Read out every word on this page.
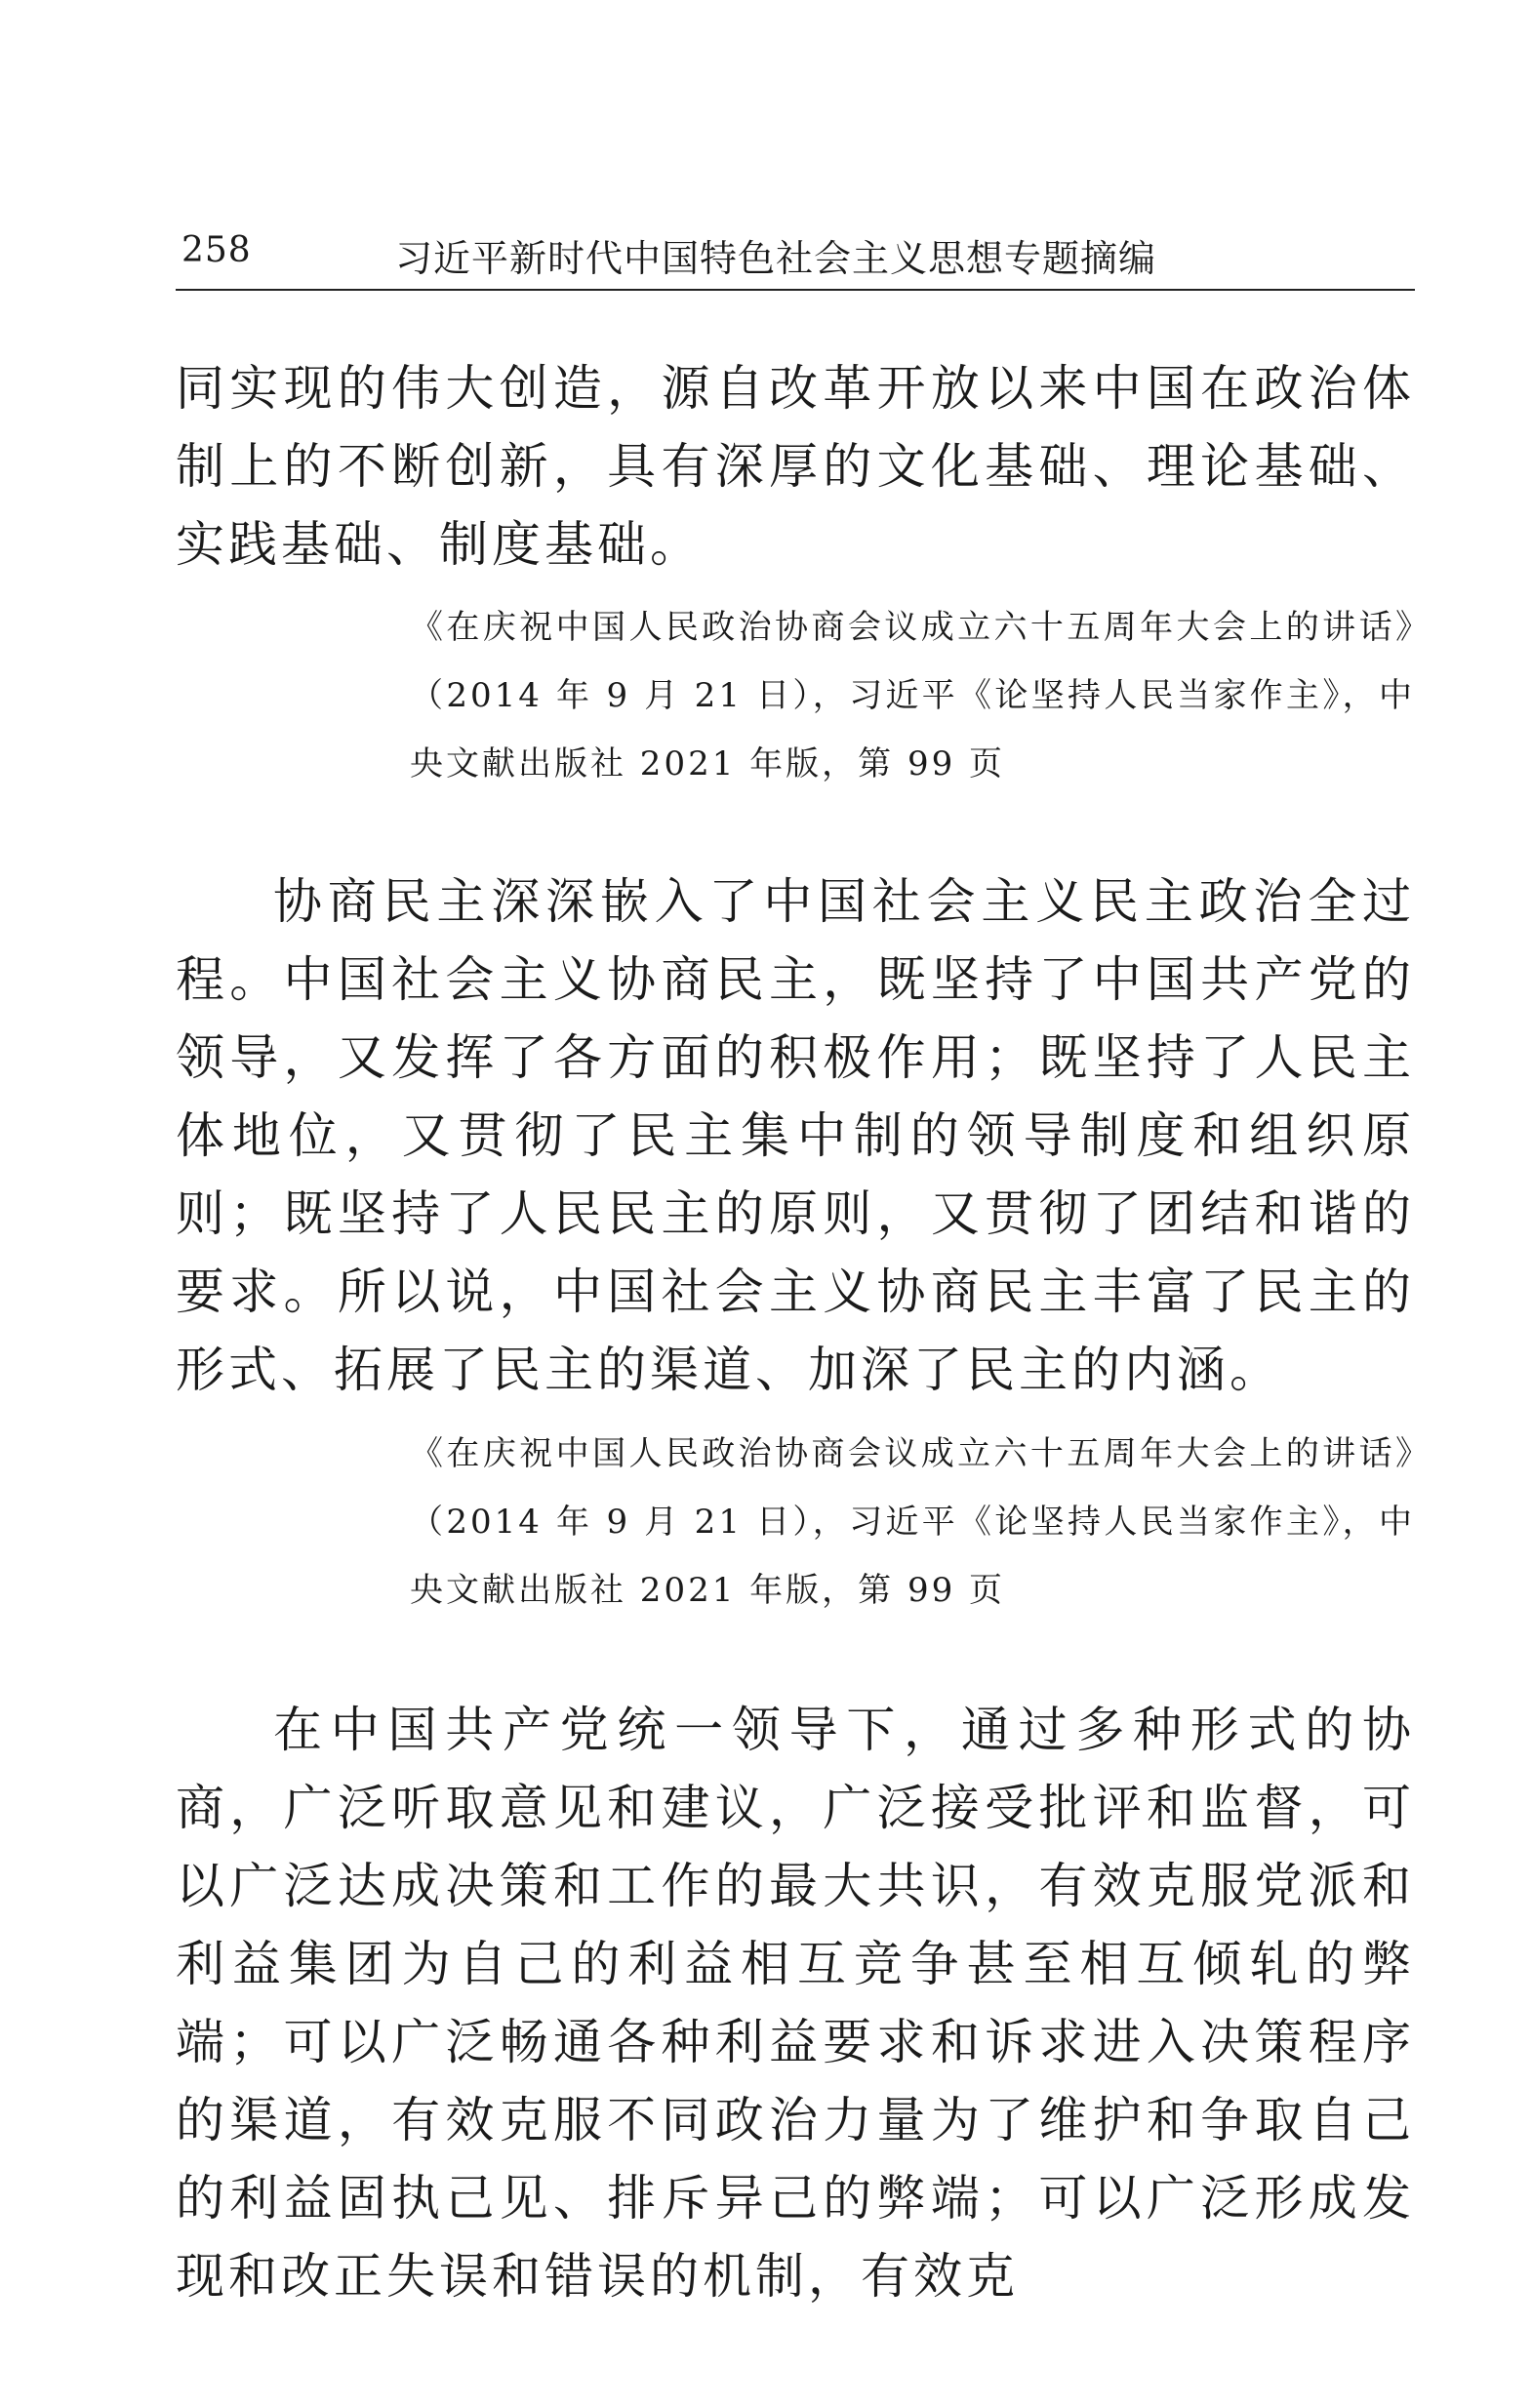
258	习近平新时代中国特色社会主义思想专题摘编

同实现的伟大创造，源自改革开放以来中国在政治体制上的不断创新，具有深厚的文化基础、理论基础、实践基础、制度基础。

《在庆祝中国人民政治协商会议成立六十五周年大会上的讲话》（2014 年 9 月 21 日），习近平《论坚持人民当家作主》，中央文献出版社 2021 年版，第 99 页

协商民主深深嵌入了中国社会主义民主政治全过程。中国社会主义协商民主，既坚持了中国共产党的领导，又发挥了各方面的积极作用；既坚持了人民主体地位，又贯彻了民主集中制的领导制度和组织原则；既坚持了人民民主的原则，又贯彻了团结和谐的要求。所以说，中国社会主义协商民主丰富了民主的形式、拓展了民主的渠道、加深了民主的内涵。

《在庆祝中国人民政治协商会议成立六十五周年大会上的讲话》（2014 年 9 月 21 日），习近平《论坚持人民当家作主》，中央文献出版社 2021 年版，第 99 页

在中国共产党统一领导下，通过多种形式的协商，广泛听取意见和建议，广泛接受批评和监督，可以广泛达成决策和工作的最大共识，有效克服党派和利益集团为自己的利益相互竞争甚至相互倾轧的弊端；可以广泛畅通各种利益要求和诉求进入决策程序的渠道，有效克服不同政治力量为了维护和争取自己的利益固执己见、排斥异己的弊端；可以广泛形成发现和改正失误和错误的机制，有效克
